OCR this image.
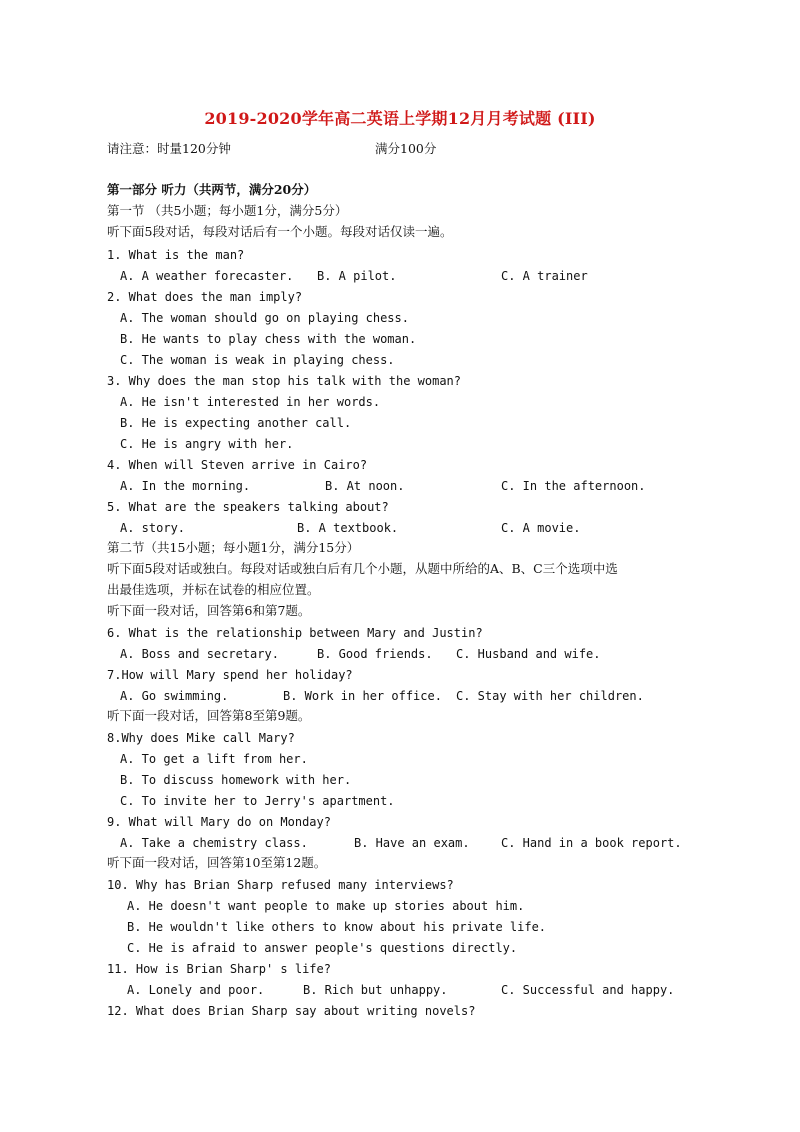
2019-2020学年高二英语上学期12月月考试题 (III)
请注意：时量120分钟	满分100分
第一部分 听力（共两节，满分20分）
第一节 （共5小题；每小题1分，满分5分）
听下面5段对话，每段对话后有一个小题。每段对话仅读一遍。
1. What is the man?
A. A weather forecaster. B. A pilot.	C. A trainer
2. What does the man imply?
A. The woman should go on playing chess.
B. He wants to play chess with the woman.
C. The woman is weak in playing chess.
3. Why does the man stop his talk with the woman?
A. He isn't interested in her words.
B. He is expecting another call.
C. He is angry with her.
4. When will Steven arrive in Cairo?
A. In the morning.	B. At noon.	C. In the afternoon.
5. What are the speakers talking about?
A. story.	B. A textbook.	C. A movie.
第二节（共15小题；每小题1分，满分15分）
听下面5段对话或独白。每段对话或独白后有几个小题，从题中所给的A、B、C三个选项中选
出最佳选项，并标在试卷的相应位置。
听下面一段对话，回答第6和第7题。
6. What is the relationship between Mary and Justin?
A. Boss and secretary.	B. Good friends. C. Husband and wife.
7.How will Mary spend her holiday?
A. Go swimming.	B. Work in her office. C. Stay with her children.
听下面一段对话，回答第8至第9题。
8.Why does Mike call Mary?
A. To get a lift from her.
B. To discuss homework with her.
C. To invite her to Jerry's apartment.
9. What will Mary do on Monday?
A. Take a chemistry class.	B. Have an exam.	C. Hand in a book report.
听下面一段对话，回答第10至第12题。
10. Why has Brian Sharp refused many interviews?
A. He doesn't want people to make up stories about him.
B. He wouldn't like others to know about his private life.
C. He is afraid to answer people's questions directly.
11. How is Brian Sharp' s life?
A. Lonely and poor.	B. Rich but unhappy.	C. Successful and happy.
12. What does Brian Sharp say about writing novels?
